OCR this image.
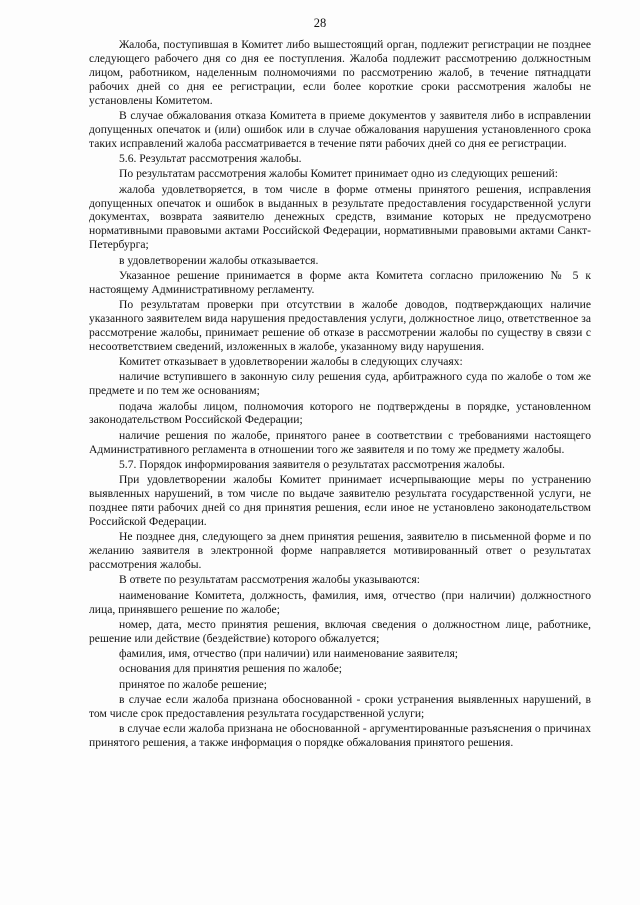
28

Жалоба, поступившая в Комитет либо вышестоящий орган, подлежит регистрации не позднее следующего рабочего дня со дня ее поступления. Жалоба подлежит рассмотрению должностным лицом, работником, наделенным полномочиями по рассмотрению жалоб, в течение пятнадцати рабочих дней со дня ее регистрации, если более короткие сроки рассмотрения жалобы не установлены Комитетом.

В случае обжалования отказа Комитета в приеме документов у заявителя либо в исправлении допущенных опечаток и (или) ошибок или в случае обжалования нарушения установленного срока таких исправлений жалоба рассматривается в течение пяти рабочих дней со дня ее регистрации.

5.6. Результат рассмотрения жалобы.

По результатам рассмотрения жалобы Комитет принимает одно из следующих решений:

жалоба удовлетворяется, в том числе в форме отмены принятого решения, исправления допущенных опечаток и ошибок в выданных в результате предоставления государственной услуги документах, возврата заявителю денежных средств, взимание которых не предусмотрено нормативными правовыми актами Российской Федерации, нормативными правовыми актами Санкт-Петербурга;

в удовлетворении жалобы отказывается.

Указанное решение принимается в форме акта Комитета согласно приложению № 5 к настоящему Административному регламенту.

По результатам проверки при отсутствии в жалобе доводов, подтверждающих наличие указанного заявителем вида нарушения предоставления услуги, должностное лицо, ответственное за рассмотрение жалобы, принимает решение об отказе в рассмотрении жалобы по существу в связи с несоответствием сведений, изложенных в жалобе, указанному виду нарушения.

Комитет отказывает в удовлетворении жалобы в следующих случаях:

наличие вступившего в законную силу решения суда, арбитражного суда по жалобе о том же предмете и по тем же основаниям;

подача жалобы лицом, полномочия которого не подтверждены в порядке, установленном законодательством Российской Федерации;

наличие решения по жалобе, принятого ранее в соответствии с требованиями настоящего Административного регламента в отношении того же заявителя и по тому же предмету жалобы.

5.7. Порядок информирования заявителя о результатах рассмотрения жалобы.

При удовлетворении жалобы Комитет принимает исчерпывающие меры по устранению выявленных нарушений, в том числе по выдаче заявителю результата государственной услуги, не позднее пяти рабочих дней со дня принятия решения, если иное не установлено законодательством Российской Федерации.

Не позднее дня, следующего за днем принятия решения, заявителю в письменной форме и по желанию заявителя в электронной форме направляется мотивированный ответ о результатах рассмотрения жалобы.

В ответе по результатам рассмотрения жалобы указываются:

наименование Комитета, должность, фамилия, имя, отчество (при наличии) должностного лица, принявшего решение по жалобе;

номер, дата, место принятия решения, включая сведения о должностном лице, работнике, решение или действие (бездействие) которого обжалуется;

фамилия, имя, отчество (при наличии) или наименование заявителя;

основания для принятия решения по жалобе;

принятое по жалобе решение;

в случае если жалоба признана обоснованной - сроки устранения выявленных нарушений, в том числе срок предоставления результата государственной услуги;

в случае если жалоба признана не обоснованной - аргументированные разъяснения о причинах принятого решения, а также информация о порядке обжалования принятого решения.
